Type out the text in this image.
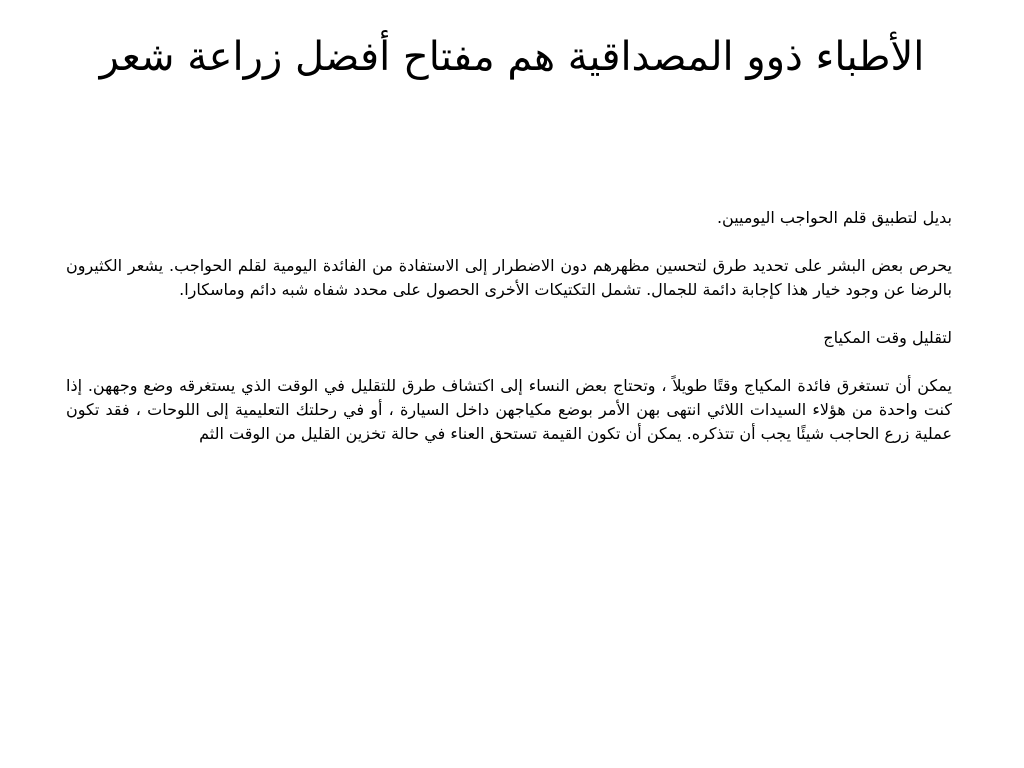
الأطباء ذوو المصداقية هم مفتاح أفضل زراعة شعر

بديل لتطبيق قلم الحواجب اليوميين.

يحرص بعض البشر على تحديد طرق لتحسين مظهرهم دون الاضطرار إلى الاستفادة من الفائدة اليومية لقلم الحواجب. يشعر الكثيرون بالرضا عن وجود خيار هذا كإجابة دائمة للجمال. تشمل التكتيكات الأخرى الحصول على محدد شفاه شبه دائم وماسكارا.

لتقليل وقت المكياج

يمكن أن تستغرق فائدة المكياج وقتًا طويلاً ، وتحتاج بعض النساء إلى اكتشاف طرق للتقليل في الوقت الذي يستغرقه وضع وجههن. إذا كنت واحدة من هؤلاء السيدات اللائي انتهى بهن الأمر بوضع مكياجهن داخل السيارة ، أو في رحلتك التعليمية إلى اللوحات ، فقد تكون عملية زرع الحاجب شيئًا يجب أن تتذكره. يمكن أن تكون القيمة تستحق العناء في حالة تخزين القليل من الوقت الثم
